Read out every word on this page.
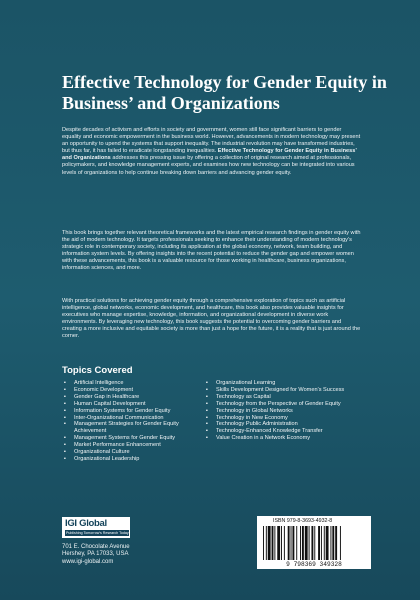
Effective Technology for Gender Equity in Business’ and Organizations

Despite decades of activism and efforts in society and government, women still face significant barriers to gender equality and economic empowerment in the business world. However, advancements in modern technology may present an opportunity to upend the systems that support inequality. The industrial revolution may have transformed industries, but thus far, it has failed to eradicate longstanding inequalities. Effective Technology for Gender Equity in Business’ and Organizations addresses this pressing issue by offering a collection of original research aimed at professionals, policymakers, and knowledge management experts, and examines how new technology can be integrated into various levels of organizations to help continue breaking down barriers and advancing gender equity.

This book brings together relevant theoretical frameworks and the latest empirical research findings in gender equity with the aid of modern technology. It targets professionals seeking to enhance their understanding of modern technology’s strategic role in contemporary society, including its application at the global economy, network, team building, and information system levels. By offering insights into the recent potential to reduce the gender gap and empower women with these advancements, this book is a valuable resource for those working in healthcare, business organizations, information sciences, and more.

With practical solutions for achieving gender equity through a comprehensive exploration of topics such as artificial intelligence, global networks, economic development, and healthcare, this book also provides valuable insights for executives who manage expertise, knowledge, information, and organizational development in diverse work environments. By leveraging new technology, this book suggests the potential to overcoming gender barriers and creating a more inclusive and equitable society is more than just a hope for the future, it is a reality that is just around the corner.

Topics Covered
▪ Artificial Intelligence
▪ Economic Development
▪ Gender Gap in Healthcare
▪ Human Capital Development
▪ Information Systems for Gender Equity
▪ Inter-Organizational Communication
▪ Management Strategies for Gender Equity Achievement
▪ Management Systems for Gender Equity
▪ Market Performance Enhancement
▪ Organizational Culture
▪ Organizational Leadership
▪ Organizational Learning
▪ Skills Development Designed for Women’s Success
▪ Technology as Capital
▪ Technology from the Perspective of Gender Equity
▪ Technology in Global Networks
▪ Technology in New Economy
▪ Technology Public Administration
▪ Technology-Enhanced Knowledge Transfer
▪ Value Creation in a Network Economy
IGI Global
Publishing Tomorrow's Research Today
701 E. Chocolate Avenue
Hershey, PA 17033, USA
www.igi-global.com
ISBN 979-8-3693-4932-8
9 798369 349328
